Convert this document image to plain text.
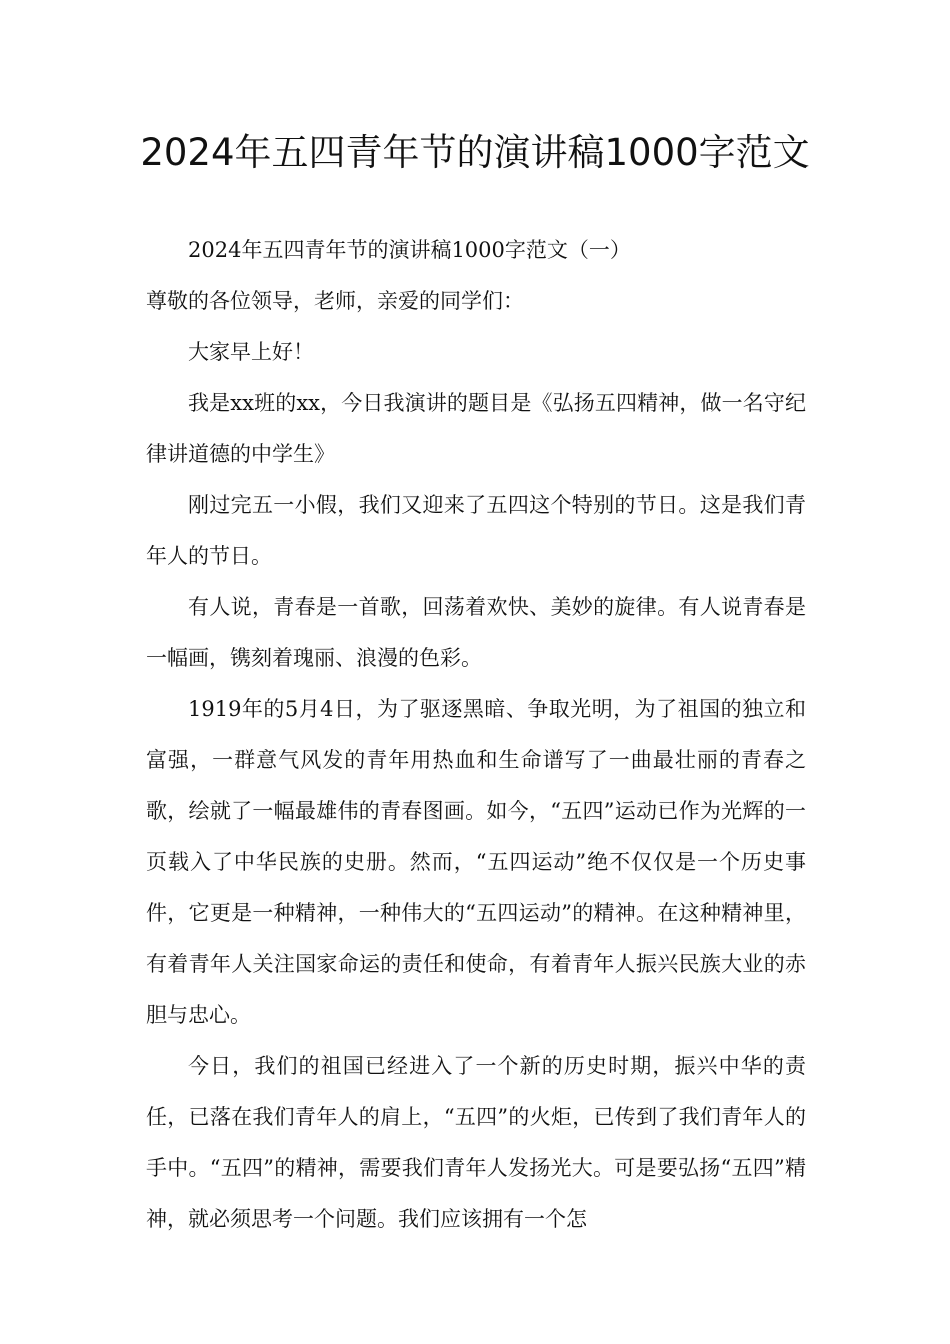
2024年五四青年节的演讲稿1000字范文

2024年五四青年节的演讲稿1000字范文（一）

尊敬的各位领导，老师，亲爱的同学们：

大家早上好！

我是xx班的xx，今日我演讲的题目是《弘扬五四精神，做一名守纪律讲道德的中学生》

刚过完五一小假，我们又迎来了五四这个特别的节日。这是我们青年人的节日。

有人说，青春是一首歌，回荡着欢快、美妙的旋律。有人说青春是一幅画，镌刻着瑰丽、浪漫的色彩。

1919年的5月4日，为了驱逐黑暗、争取光明，为了祖国的独立和富强，一群意气风发的青年用热血和生命谱写了一曲最壮丽的青春之歌，绘就了一幅最雄伟的青春图画。如今，“五四”运动已作为光辉的一页载入了中华民族的史册。然而，“五四运动”绝不仅仅是一个历史事件，它更是一种精神，一种伟大的“五四运动”的精神。在这种精神里，有着青年人关注国家命运的责任和使命，有着青年人振兴民族大业的赤胆与忠心。

今日，我们的祖国已经进入了一个新的历史时期，振兴中华的责任，已落在我们青年人的肩上，“五四”的火炬，已传到了我们青年人的手中。“五四”的精神，需要我们青年人发扬光大。可是要弘扬“五四”精神，就必须思考一个问题。我们应该拥有一个怎
